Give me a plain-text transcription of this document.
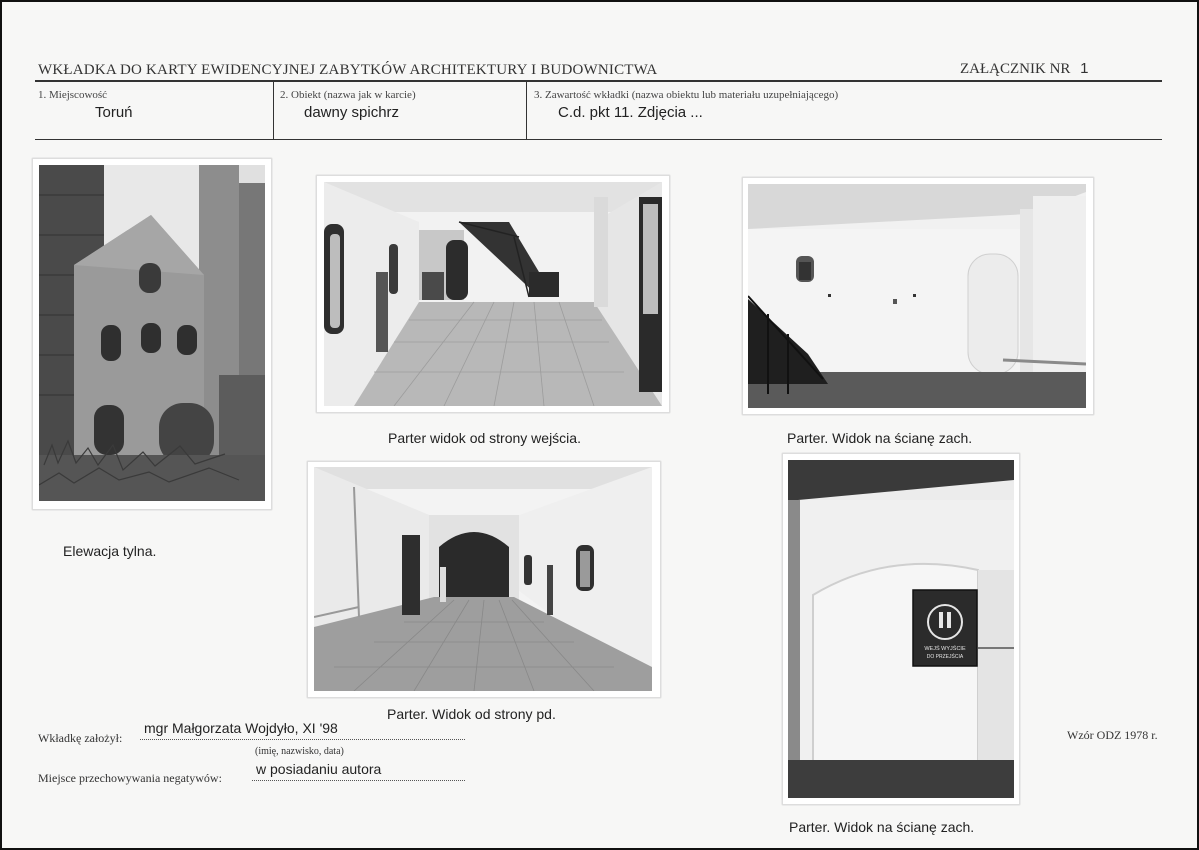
WKŁADKA DO KARTY EWIDENCYJNEJ ZABYTKÓW ARCHITEKTURY I BUDOWNICTWA	ZAŁĄCZNIK NR 1
1. Miejscowość
Toruń
2. Obiekt (nazwa jak w karcie)
dawny spichrz
3. Zawartość wkładki (nazwa obiektu lub materiału uzupełniającego)
C.d. pkt 11. Zdjęcia ...
Elewacja tylna.
Parter widok od strony wejścia.	Parter. Widok na ścianę zach.
Parter. Widok od strony pd.
WEJŚ WYJŚCIE
DO PRZEJŚCIA
Parter. Widok na ścianę zach.
Wkładkę założył:
mgr Małgorzata Wojdyło, XI '98
(imię, nazwisko, data)
Miejsce przechowywania negatywów:
w posiadaniu autora
Wzór ODZ 1978 r.
